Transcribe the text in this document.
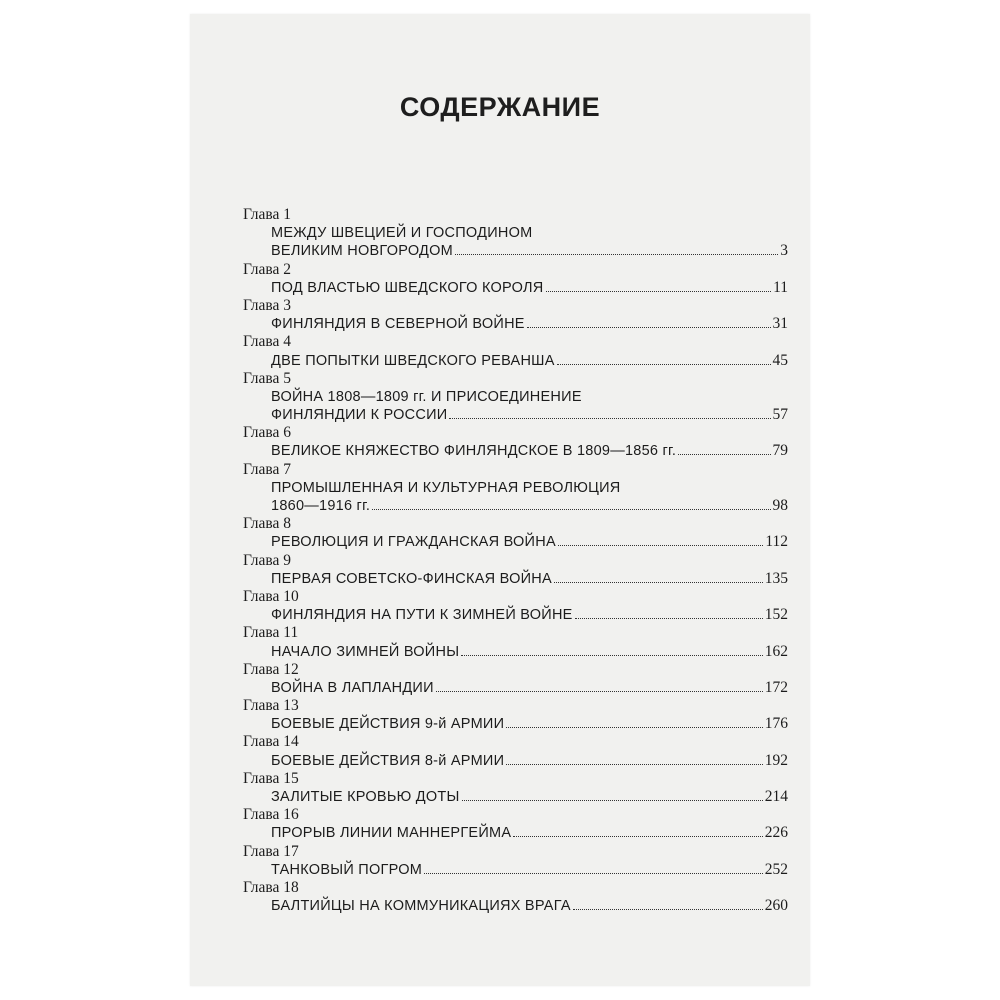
СОДЕРЖАНИЕ
Глава 1
МЕЖДУ ШВЕЦИЕЙ И ГОСПОДИНОМ
ВЕЛИКИМ НОВГОРОДОМ	3
Глава 2
ПОД ВЛАСТЬЮ ШВЕДСКОГО КОРОЛЯ	11
Глава 3
ФИНЛЯНДИЯ В СЕВЕРНОЙ ВОЙНЕ	31
Глава 4
ДВЕ ПОПЫТКИ ШВЕДСКОГО РЕВАНША	45
Глава 5
ВОЙНА 1808—1809 гг. И ПРИСОЕДИНЕНИЕ
ФИНЛЯНДИИ К РОССИИ	57
Глава 6
ВЕЛИКОЕ КНЯЖЕСТВО ФИНЛЯНДСКОЕ В 1809—1856 гг.	79
Глава 7
ПРОМЫШЛЕННАЯ И КУЛЬТУРНАЯ РЕВОЛЮЦИЯ
1860—1916 гг.	98
Глава 8
РЕВОЛЮЦИЯ И ГРАЖДАНСКАЯ ВОЙНА	112
Глава 9
ПЕРВАЯ СОВЕТСКО-ФИНСКАЯ ВОЙНА	135
Глава 10
ФИНЛЯНДИЯ НА ПУТИ К ЗИМНЕЙ ВОЙНЕ	152
Глава 11
НАЧАЛО ЗИМНЕЙ ВОЙНЫ	162
Глава 12
ВОЙНА В ЛАПЛАНДИИ	172
Глава 13
БОЕВЫЕ ДЕЙСТВИЯ 9-й АРМИИ	176
Глава 14
БОЕВЫЕ ДЕЙСТВИЯ 8-й АРМИИ	192
Глава 15
ЗАЛИТЫЕ КРОВЬЮ ДОТЫ	214
Глава 16
ПРОРЫВ ЛИНИИ МАННЕРГЕЙМА	226
Глава 17
ТАНКОВЫЙ ПОГРОМ	252
Глава 18
БАЛТИЙЦЫ НА КОММУНИКАЦИЯХ ВРАГА	260
